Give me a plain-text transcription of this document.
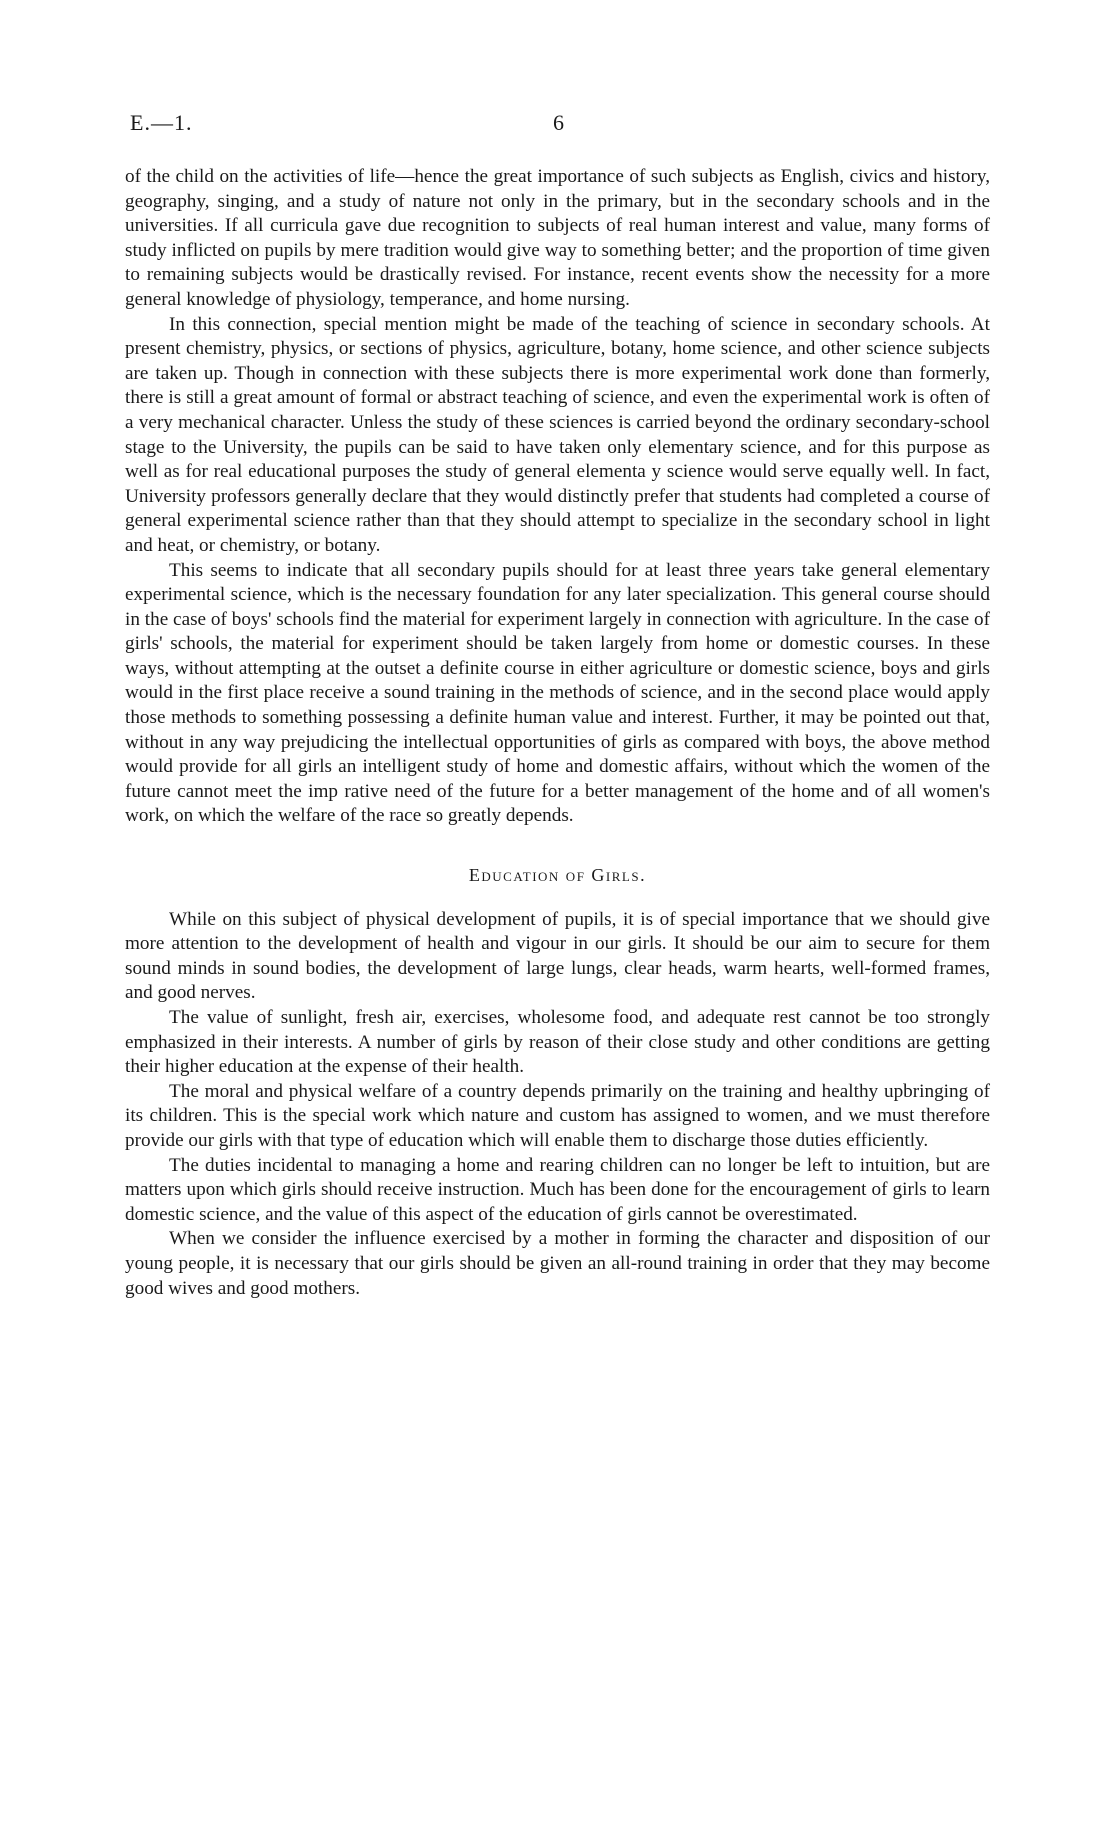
E.—1.	6

of the child on the activities of life—hence the great importance of such subjects as English, civics and history, geography, singing, and a study of nature not only in the primary, but in the secondary schools and in the universities. If all curricula gave due recognition to subjects of real human interest and value, many forms of study inflicted on pupils by mere tradition would give way to something better; and the proportion of time given to remaining subjects would be drastically revised. For instance, recent events show the necessity for a more general knowledge of physiology, temperance, and home nursing.

In this connection, special mention might be made of the teaching of science in secondary schools. At present chemistry, physics, or sections of physics, agriculture, botany, home science, and other science subjects are taken up. Though in connection with these subjects there is more experimental work done than formerly, there is still a great amount of formal or abstract teaching of science, and even the experimental work is often of a very mechanical character. Unless the study of these sciences is carried beyond the ordinary secondary-school stage to the University, the pupils can be said to have taken only elementary science, and for this purpose as well as for real educational purposes the study of general elementa y science would serve equally well. In fact, University professors generally declare that they would distinctly prefer that students had completed a course of general experimental science rather than that they should attempt to specialize in the secondary school in light and heat, or chemistry, or botany.

This seems to indicate that all secondary pupils should for at least three years take general elementary experimental science, which is the necessary foundation for any later specialization. This general course should in the case of boys' schools find the material for experiment largely in connection with agriculture. In the case of girls' schools, the material for experiment should be taken largely from home or domestic courses. In these ways, without attempting at the outset a definite course in either agriculture or domestic science, boys and girls would in the first place receive a sound training in the methods of science, and in the second place would apply those methods to something possessing a definite human value and interest. Further, it may be pointed out that, without in any way prejudicing the intellectual opportunities of girls as compared with boys, the above method would provide for all girls an intelligent study of home and domestic affairs, without which the women of the future cannot meet the imp rative need of the future for a better management of the home and of all women's work, on which the welfare of the race so greatly depends.

Education of Girls.

While on this subject of physical development of pupils, it is of special importance that we should give more attention to the development of health and vigour in our girls. It should be our aim to secure for them sound minds in sound bodies, the development of large lungs, clear heads, warm hearts, well-formed frames, and good nerves.

The value of sunlight, fresh air, exercises, wholesome food, and adequate rest cannot be too strongly emphasized in their interests. A number of girls by reason of their close study and other conditions are getting their higher education at the expense of their health.

The moral and physical welfare of a country depends primarily on the training and healthy upbringing of its children. This is the special work which nature and custom has assigned to women, and we must therefore provide our girls with that type of education which will enable them to discharge those duties efficiently.

The duties incidental to managing a home and rearing children can no longer be left to intuition, but are matters upon which girls should receive instruction. Much has been done for the encouragement of girls to learn domestic science, and the value of this aspect of the education of girls cannot be overestimated.

When we consider the influence exercised by a mother in forming the character and disposition of our young people, it is necessary that our girls should be given an all-round training in order that they may become good wives and good mothers.
